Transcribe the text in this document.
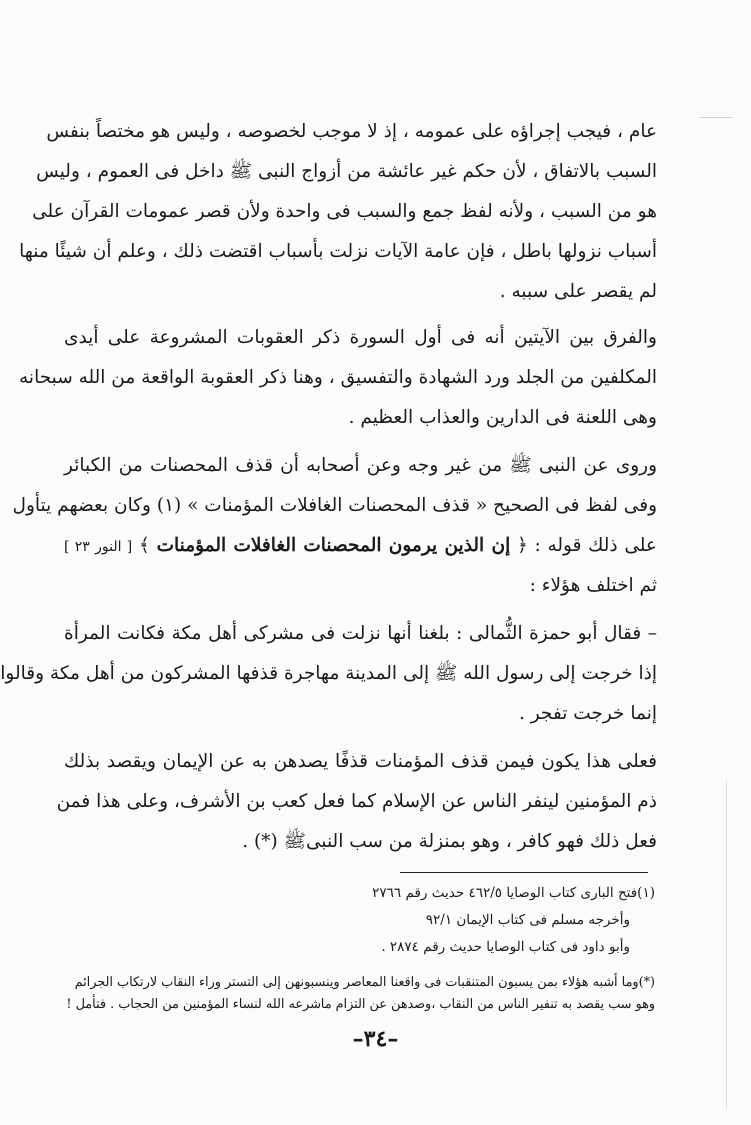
عام ، فيجب إجراؤه على عمومه ، إذ لا موجب لخصوصه ، وليس هو مختصاً بنفس
السبب بالاتفاق ، لأن حكم غير عائشة من أزواج النبى ﷺ داخل فى العموم ، وليس
هو من السبب ، ولأنه لفظ جمع والسبب فى واحدة ولأن قصر عمومات القرآن على
أسباب نزولها باطل ، فإن عامة الآيات نزلت بأسباب اقتضت ذلك ، وعلم أن شيئًا منها
لم يقصر على سببه .
والفرق بين الآيتين أنه فى أول السورة ذكر العقوبات المشروعة على أيدى
المكلفين من الجلد ورد الشهادة والتفسيق ، وهنا ذكر العقوبة الواقعة من الله سبحانه
وهى اللعنة فى الدارين والعذاب العظيم .
وروى عن النبى ﷺ من غير وجه وعن أصحابه أن قذف المحصنات من الكبائر
وفى لفظ فى الصحيح « قذف المحصنات الغافلات المؤمنات » (١) وكان بعضهم يتأول
على ذلك قوله : ﴿ إن الذين يرمون المحصنات الغافلات المؤمنات ﴾ [ النور ٢٣ ]
ثم اختلف هؤلاء :
– فقال أبو حمزة الثُّمالى : بلغنا أنها نزلت فى مشركى أهل مكة فكانت المرأة
إذا خرجت إلى رسول الله ﷺ إلى المدينة مهاجرة قذفها المشركون من أهل مكة وقالوا
إنما خرجت تفجر .
فعلى هذا يكون فيمن قذف المؤمنات قذفًا يصدهن به عن الإيمان ويقصد بذلك
ذم المؤمنين لينفر الناس عن الإسلام كما فعل كعب بن الأشرف، وعلى هذا فمن
فعل ذلك فهو كافر ، وهو بمنزلة من سب النبىﷺ (*) .
(١)فتح البارى كتاب الوصايا ٤٦٢/٥ حديث رقم ٢٧٦٦
وأخرجه مسلم فى كتاب الإيمان ٩٢/١
وأبو داود فى كتاب الوصايا حديث رقم ٢٨٧٤ .
(*)وما أشبه هؤلاء بمن يسبون المتنقبات فى واقعنا المعاصر وينسبونهن إلى التستر وراء النقاب لارتكاب الجرائم
وهو سب يقصد به تنفير الناس من النقاب ،وصدهن عن التزام ماشرعه الله لنساء المؤمنين من الحجاب . فتأمل !
–٣٤–
